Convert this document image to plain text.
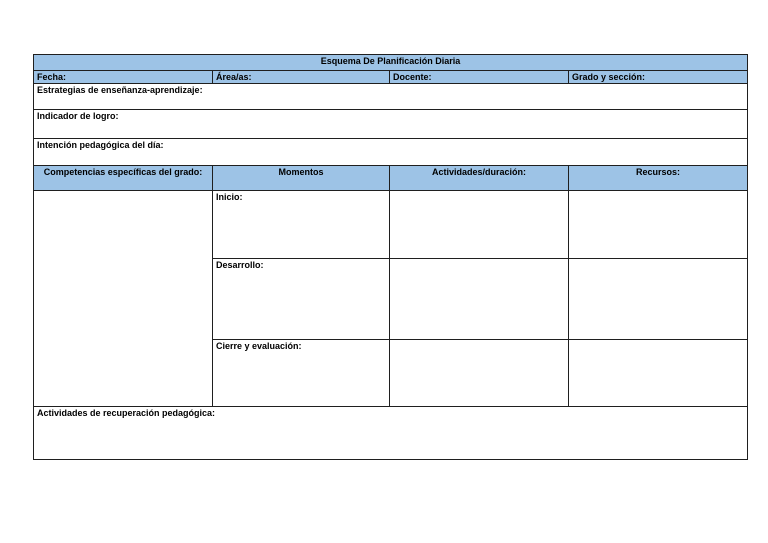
Esquema De Planificación Diaria			
Fecha:	Área/as:	Docente:	Grado y sección:
Estrategias de enseñanza-aprendizaje:			
Indicador de logro:			
Intención pedagógica del día:			
Competencias específicas del grado:	Momentos	Actividades/duración:	Recursos:
	Inicio:		
	Desarrollo:		
	Cierre y evaluación:		
Actividades de recuperación pedagógica:			
